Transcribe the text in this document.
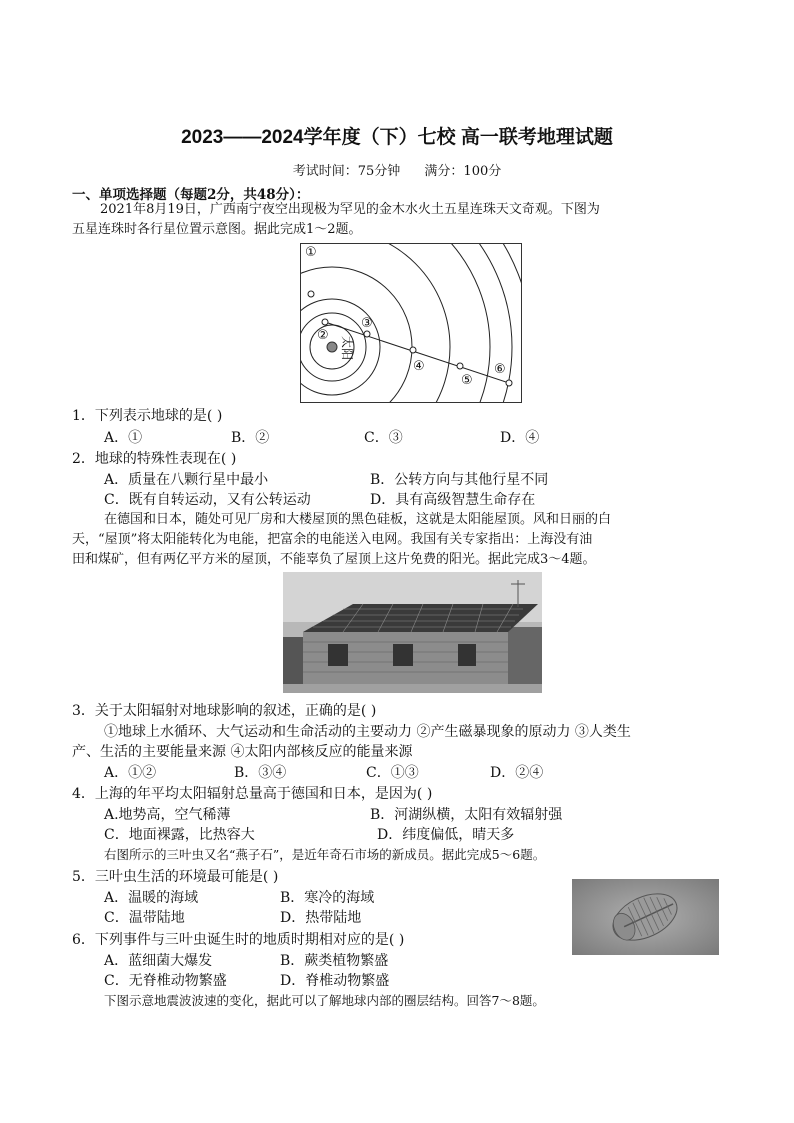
2023——2024学年度（下）七校 高一联考地理试题
考试时间：75分钟 满分：100分
一、单项选择题（每题2分，共48分）：
2021年8月19日，广西南宁夜空出现极为罕见的金木水火土五星连珠天文奇观。下图为
五星连珠时各行星位置示意图。据此完成1～2题。
①
②
③
④
⑤
⑥
太阳
1．下列表示地球的是( )
A．①	B．②	C．③	D．④
2．地球的特殊性表现在( )
A．质量在八颗行星中最小	B．公转方向与其他行星不同
C．既有自转运动，又有公转运动	D．具有高级智慧生命存在
在德国和日本，随处可见厂房和大楼屋顶的黑色硅板，这就是太阳能屋顶。风和日丽的白
天，“屋顶”将太阳能转化为电能，把富余的电能送入电网。我国有关专家指出：上海没有油
田和煤矿，但有两亿平方米的屋顶，不能辜负了屋顶上这片免费的阳光。据此完成3～4题。
3．关于太阳辐射对地球影响的叙述，正确的是( )
①地球上水循环、大气运动和生命活动的主要动力 ②产生磁暴现象的原动力 ③人类生
产、生活的主要能量来源 ④太阳内部核反应的能量来源
A．①②	B．③④	C．①③	D．②④
4．上海的年平均太阳辐射总量高于德国和日本，是因为( )
A.地势高，空气稀薄	B．河湖纵横，太阳有效辐射强
C．地面裸露，比热容大	D．纬度偏低，晴天多
右图所示的三叶虫又名“燕子石”，是近年奇石市场的新成员。据此完成5～6题。
5．三叶虫生活的环境最可能是( )
A．温暖的海域	B．寒冷的海域
C．温带陆地	D．热带陆地
6．下列事件与三叶虫诞生时的地质时期相对应的是( )
A．蓝细菌大爆发	B．蕨类植物繁盛
C．无脊椎动物繁盛	D．脊椎动物繁盛
下图示意地震波波速的变化，据此可以了解地球内部的圈层结构。回答7～8题。
